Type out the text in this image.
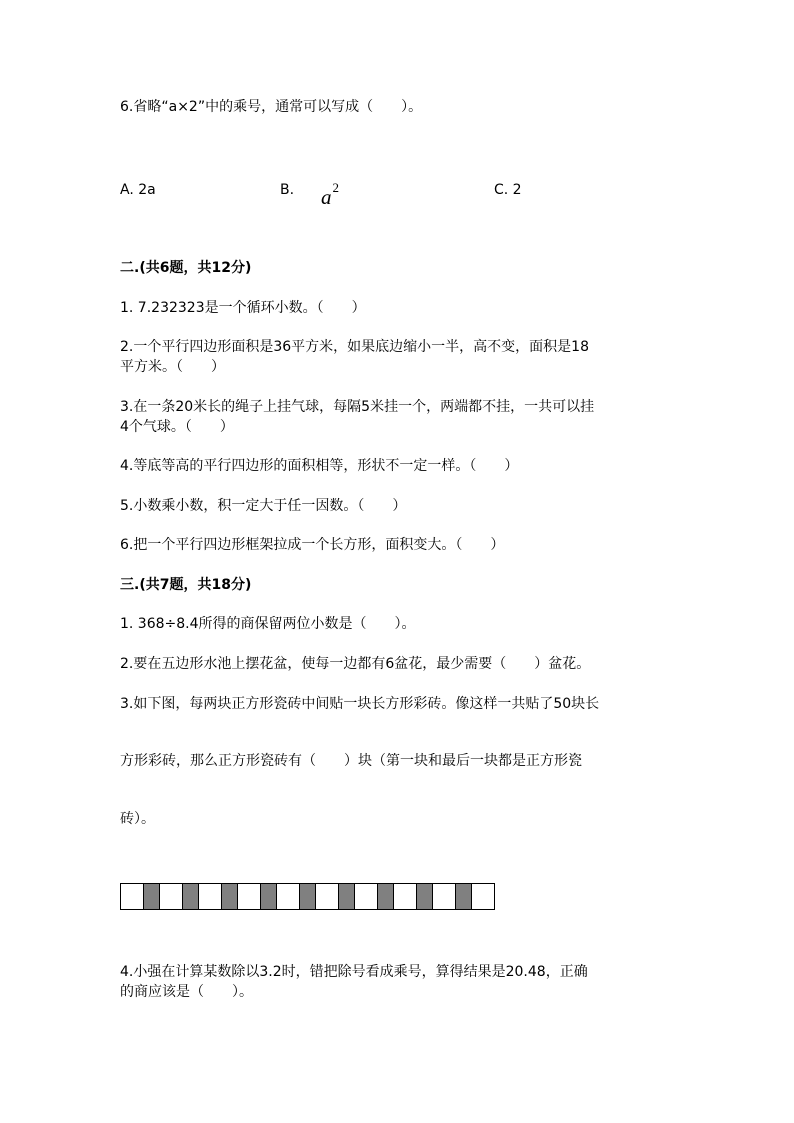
6.省略“a×2”中的乘号，通常可以写成（　　）。
A. 2a	B. $a^2$	C. 2
二.(共6题，共12分)
1. 7.232323是一个循环小数。（　　）
2.一个平行四边形面积是36平方米，如果底边缩小一半，高不变，面积是18
平方米。（　　）
3.在一条20米长的绳子上挂气球，每隔5米挂一个，两端都不挂，一共可以挂
4个气球。（　　）
4.等底等高的平行四边形的面积相等，形状不一定一样。（　　）
5.小数乘小数，积一定大于任一因数。（　　）
6.把一个平行四边形框架拉成一个长方形，面积变大。（　　）
三.(共7题，共18分)
1. 368÷8.4所得的商保留两位小数是（　　）。
2.要在五边形水池上摆花盆，使每一边都有6盆花，最少需要（　　）盆花。
3.如下图，每两块正方形瓷砖中间贴一块长方形彩砖。像这样一共贴了50块长
方形彩砖，那么正方形瓷砖有（　　）块（第一块和最后一块都是正方形瓷
砖）。
4.小强在计算某数除以3.2时，错把除号看成乘号，算得结果是20.48，正确
的商应该是（　　）。
